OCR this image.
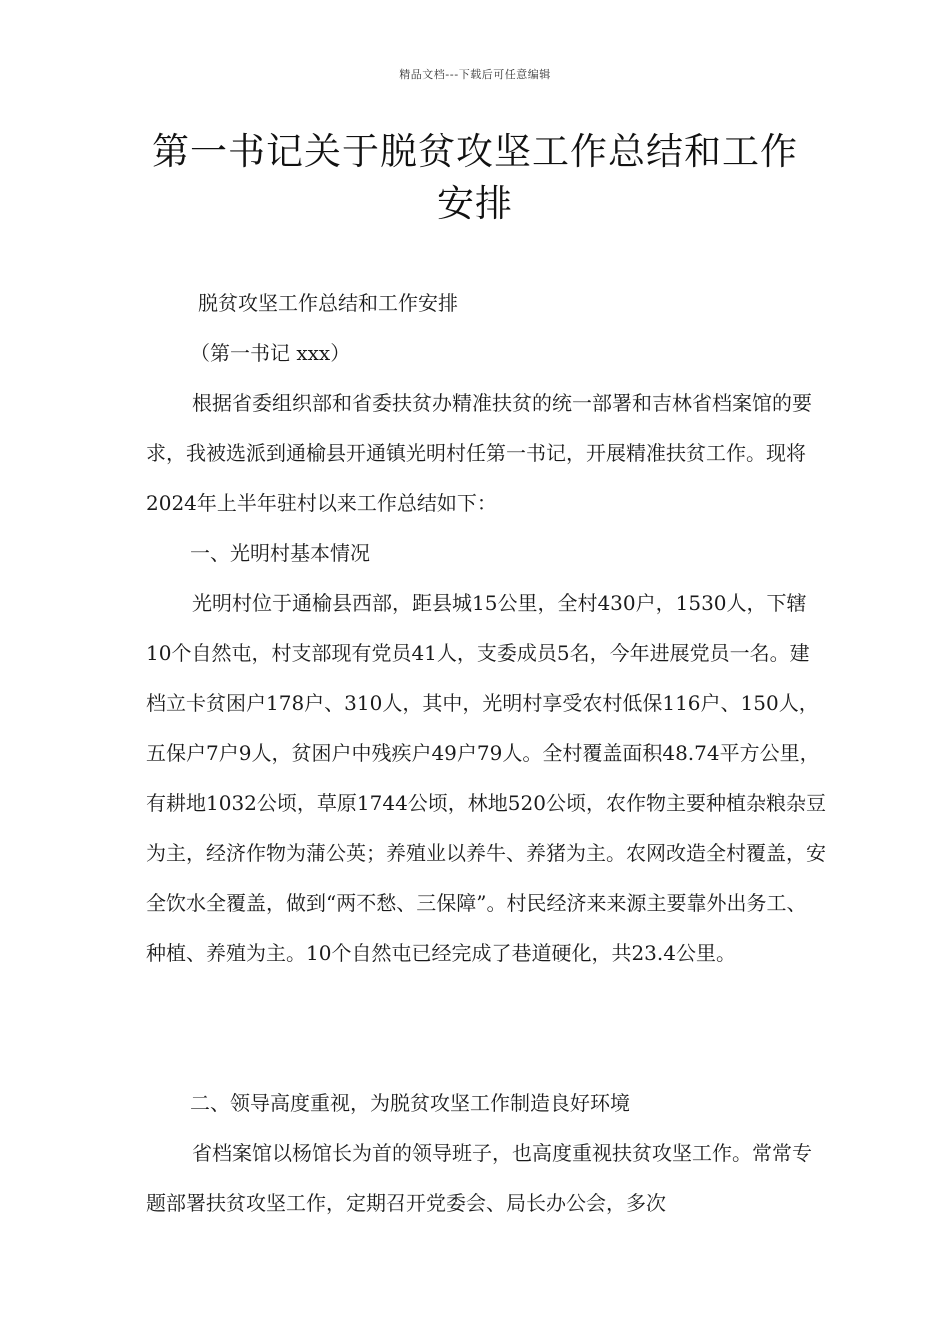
精品文档---下载后可任意编辑
第一书记关于脱贫攻坚工作总结和工作
安排
脱贫攻坚工作总结和工作安排
（第一书记 xxx）
根据省委组织部和省委扶贫办精准扶贫的统一部署和吉林省档案馆的要求，我被选派到通榆县开通镇光明村任第一书记，开展精准扶贫工作。现将2024年上半年驻村以来工作总结如下：
一、光明村基本情况
光明村位于通榆县西部，距县城15公里，全村430户，1530人，下辖10个自然屯，村支部现有党员41人，支委成员5名，今年进展党员一名。建档立卡贫困户178户、310人，其中，光明村享受农村低保116户、150人，五保户7户9人，贫困户中残疾户49户79人。全村覆盖面积48.74平方公里，有耕地1032公顷，草原1744公顷，林地520公顷，农作物主要种植杂粮杂豆为主，经济作物为蒲公英；养殖业以养牛、养猪为主。农网改造全村覆盖，安全饮水全覆盖，做到“两不愁、三保障”。村民经济来来源主要靠外出务工、种植、养殖为主。10个自然屯已经完成了巷道硬化，共23.4公里。
二、领导高度重视，为脱贫攻坚工作制造良好环境
省档案馆以杨馆长为首的领导班子，也高度重视扶贫攻坚工作。常常专题部署扶贫攻坚工作，定期召开党委会、局长办公会，多次
